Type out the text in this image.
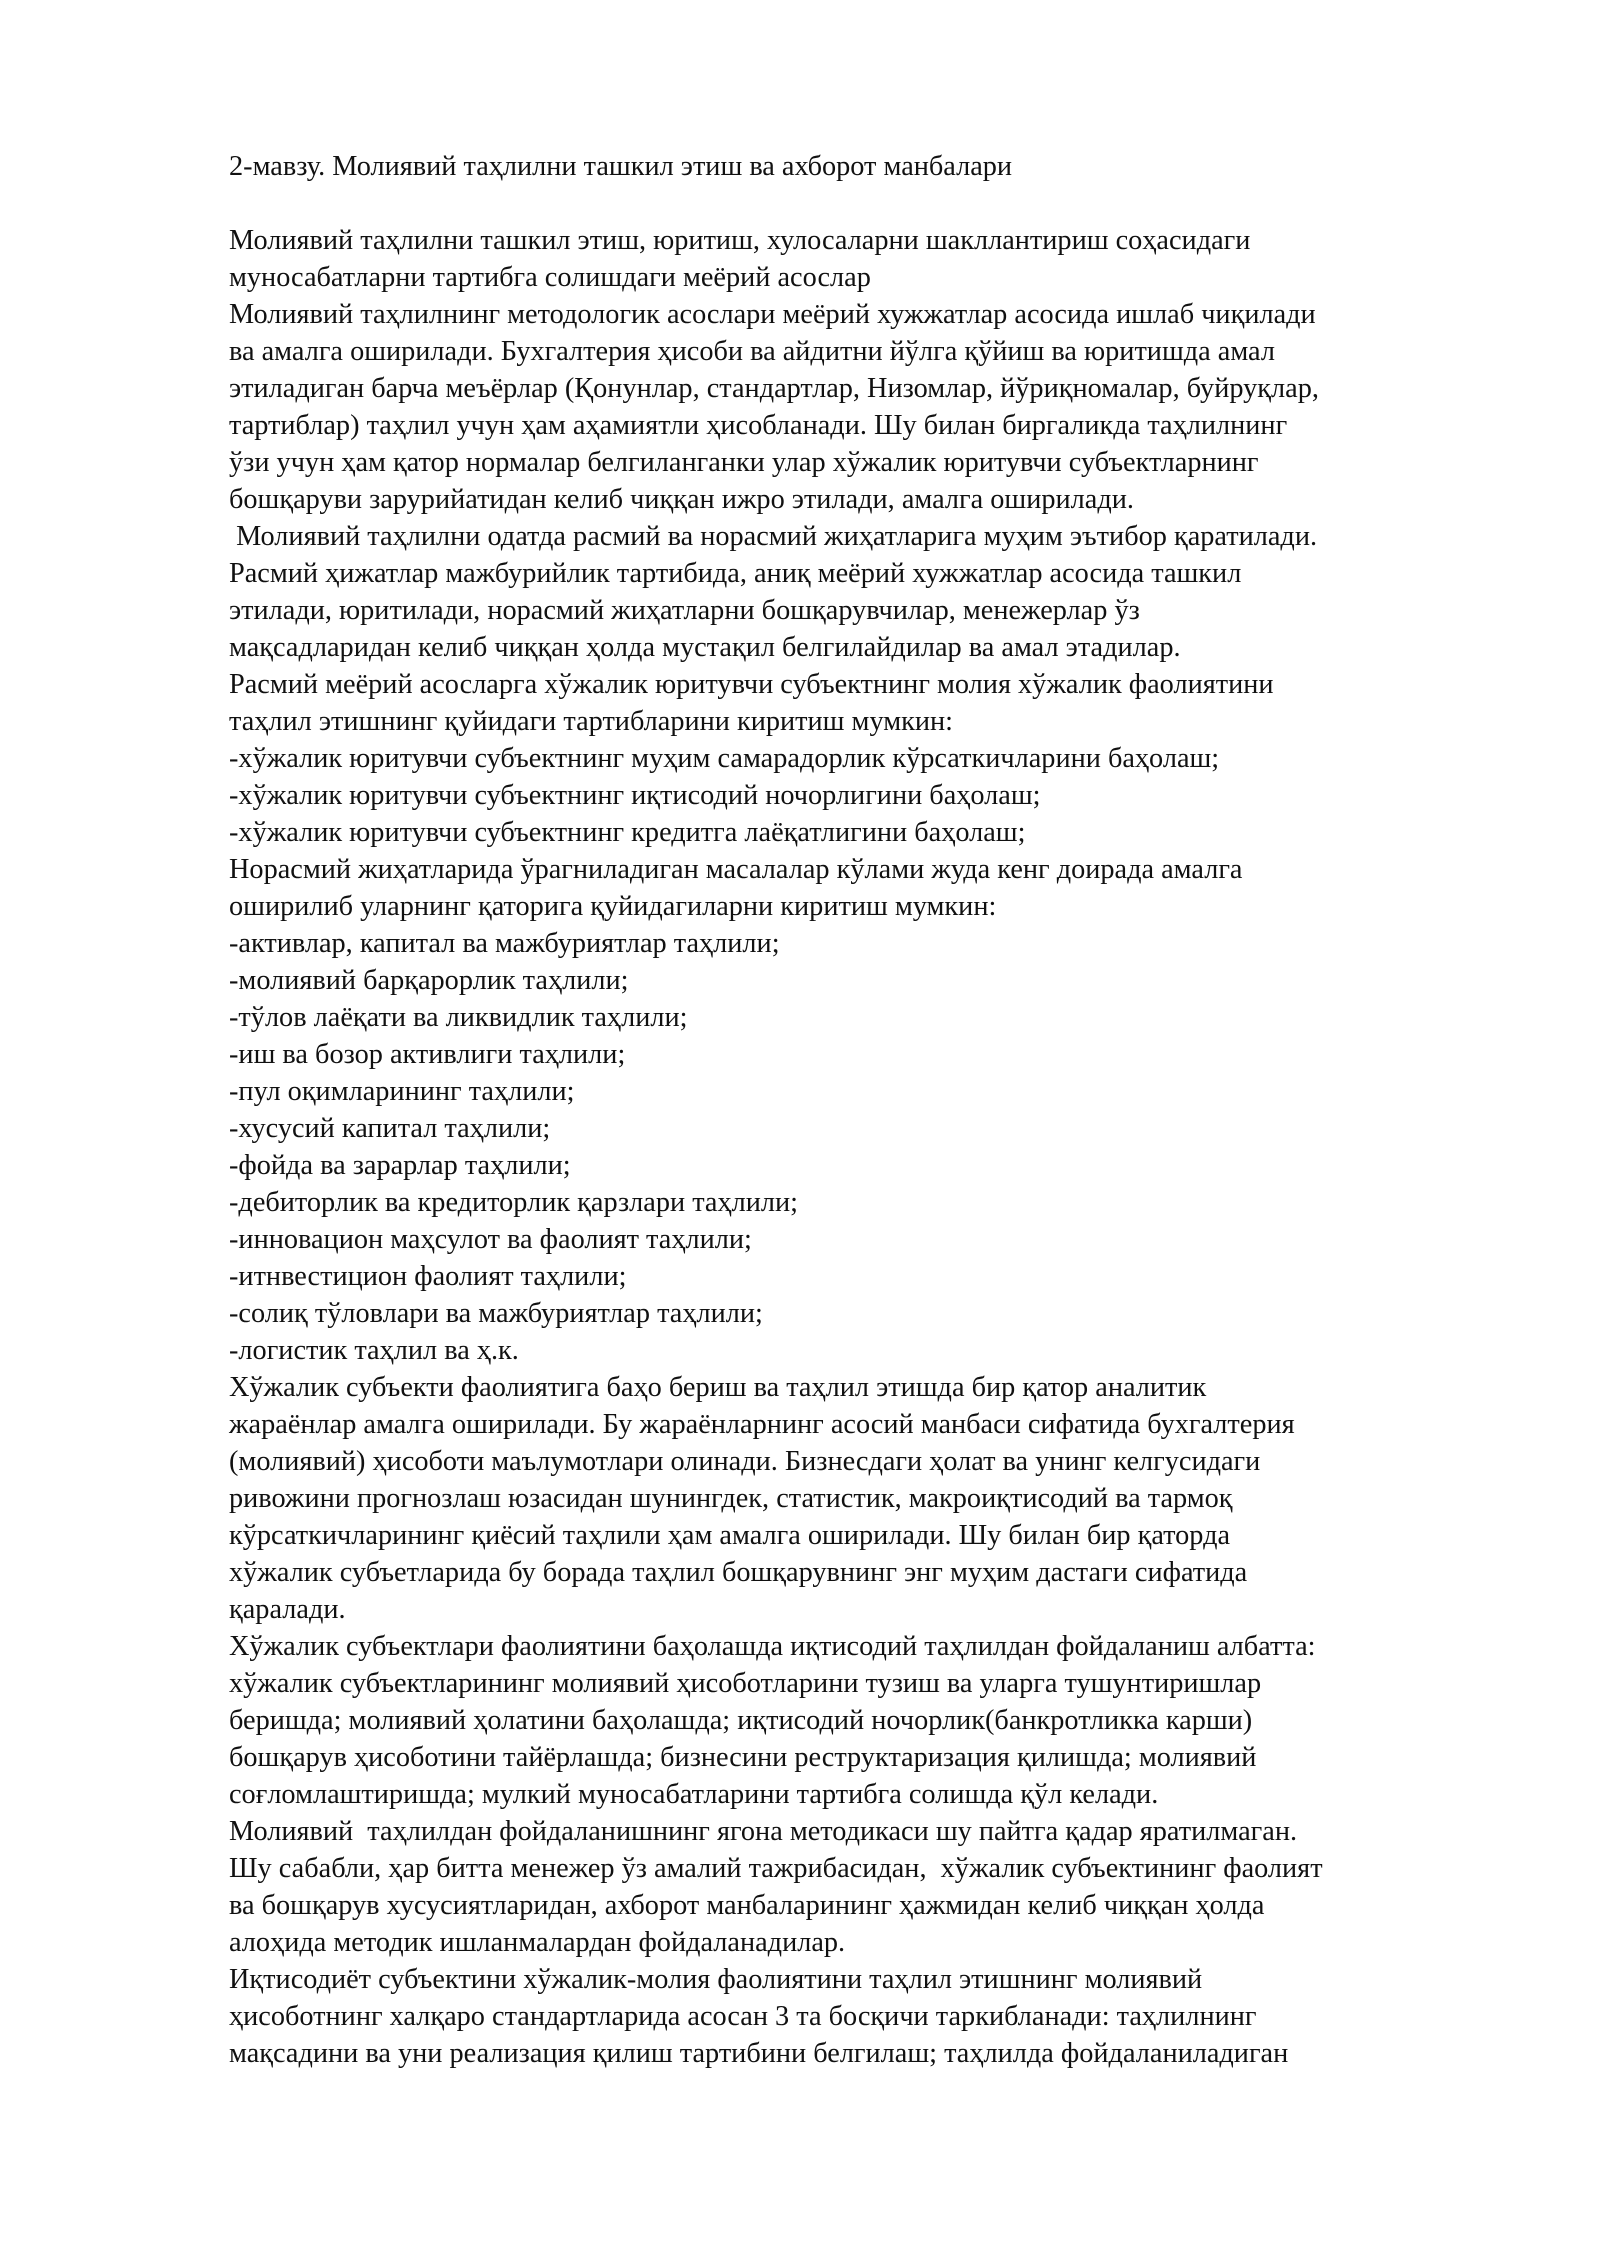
2-мавзу. Молиявий таҳлилни ташкил этиш ва ахборот манбалари

Молиявий таҳлилни ташкил этиш, юритиш, хулосаларни шакллантириш соҳасидаги
муносабатларни тартибга солишдаги меёрий асослар
Молиявий таҳлилнинг методологик асослари меёрий хужжатлар асосида ишлаб чиқилади
ва амалга оширилади. Бухгалтерия ҳисоби ва айдитни йўлга қўйиш ва юритишда амал
этиладиган барча меъёрлар (Қонунлар, стандартлар, Низомлар, йўриқномалар, буйруқлар,
тартиблар) таҳлил учун ҳам аҳамиятли ҳисобланади. Шу билан биргаликда таҳлилнинг
ўзи учун ҳам қатор нормалар белгиланганки улар хўжалик юритувчи субъектларнинг
бошқаруви зарурийатидан келиб чиққан ижро этилади, амалга оширилади.
Молиявий таҳлилни одатда расмий ва норасмий жиҳатларига муҳим эътибор қаратилади.
Расмий ҳижатлар мажбурийлик тартибида, аниқ меёрий хужжатлар асосида ташкил
этилади, юритилади, норасмий жиҳатларни бошқарувчилар, менежерлар ўз
мақсадларидан келиб чиққан ҳолда мустақил белгилайдилар ва амал этадилар.
Расмий меёрий асосларга хўжалик юритувчи субъектнинг молия хўжалик фаолиятини
таҳлил этишнинг қуйидаги тартибларини киритиш мумкин:
-хўжалик юритувчи субъектнинг муҳим самарадорлик кўрсаткичларини баҳолаш;
-хўжалик юритувчи субъектнинг иқтисодий ночорлигини баҳолаш;
-хўжалик юритувчи субъектнинг кредитга лаёқатлигини баҳолаш;
Норасмий жиҳатларида ўрагниладиган масалалар кўлами жуда кенг доирада амалга
оширилиб уларнинг қаторига қуйидагиларни киритиш мумкин:
-активлар, капитал ва мажбуриятлар таҳлили;
-молиявий барқарорлик таҳлили;
-тўлов лаёқати ва ликвидлик таҳлили;
-иш ва бозор активлиги таҳлили;
-пул оқимларининг таҳлили;
-хусусий капитал таҳлили;
-фойда ва зарарлар таҳлили;
-дебиторлик ва кредиторлик қарзлари таҳлили;
-инновацион маҳсулот ва фаолият таҳлили;
-итнвестицион фаолият таҳлили;
-солиқ тўловлари ва мажбуриятлар таҳлили;
-логистик таҳлил ва ҳ.к.
Хўжалик субъекти фаолиятига баҳо бериш ва таҳлил этишда бир қатор аналитик
жараёнлар амалга оширилади. Бу жараёнларнинг асосий манбаси сифатида бухгалтерия
(молиявий) ҳисоботи маълумотлари олинади. Бизнесдаги ҳолат ва унинг келгусидаги
ривожини прогнозлаш юзасидан шунингдек, статистик, макроиқтисодий ва тармоқ
кўрсаткичларининг қиёсий таҳлили ҳам амалга оширилади. Шу билан бир қаторда
хўжалик субъетларида бу борада таҳлил бошқарувнинг энг муҳим дастаги сифатида
қаралади.
Хўжалик субъектлари фаолиятини баҳолашда иқтисодий таҳлилдан фойдаланиш албатта:
хўжалик субъектларининг молиявий ҳисоботларини тузиш ва уларга тушунтиришлар
беришда; молиявий ҳолатини баҳолашда; иқтисодий ночорлик(банкротликка карши)
бошқарув ҳисоботини тайёрлашда; бизнесини реструктаризация қилишда; молиявий
соғломлаштиришда; мулкий муносабатларини тартибга солишда қўл келади.
Молиявий  таҳлилдан фойдаланишнинг ягона методикаси шу пайтга қадар яратилмаган.
Шу сабабли, ҳар битта менежер ўз амалий тажрибасидан,  хўжалик субъектининг фаолият
ва бошқарув хусусиятларидан, ахборот манбаларининг ҳажмидан келиб чиққан ҳолда
алоҳида методик ишланмалардан фойдаланадилар.
Иқтисодиёт субъектини хўжалик-молия фаолиятини таҳлил этишнинг молиявий
ҳисоботнинг халқаро стандартларида асосан 3 та босқичи таркибланади: таҳлилнинг
мақсадини ва уни реализация қилиш тартибини белгилаш; таҳлилда фойдаланиладиган
